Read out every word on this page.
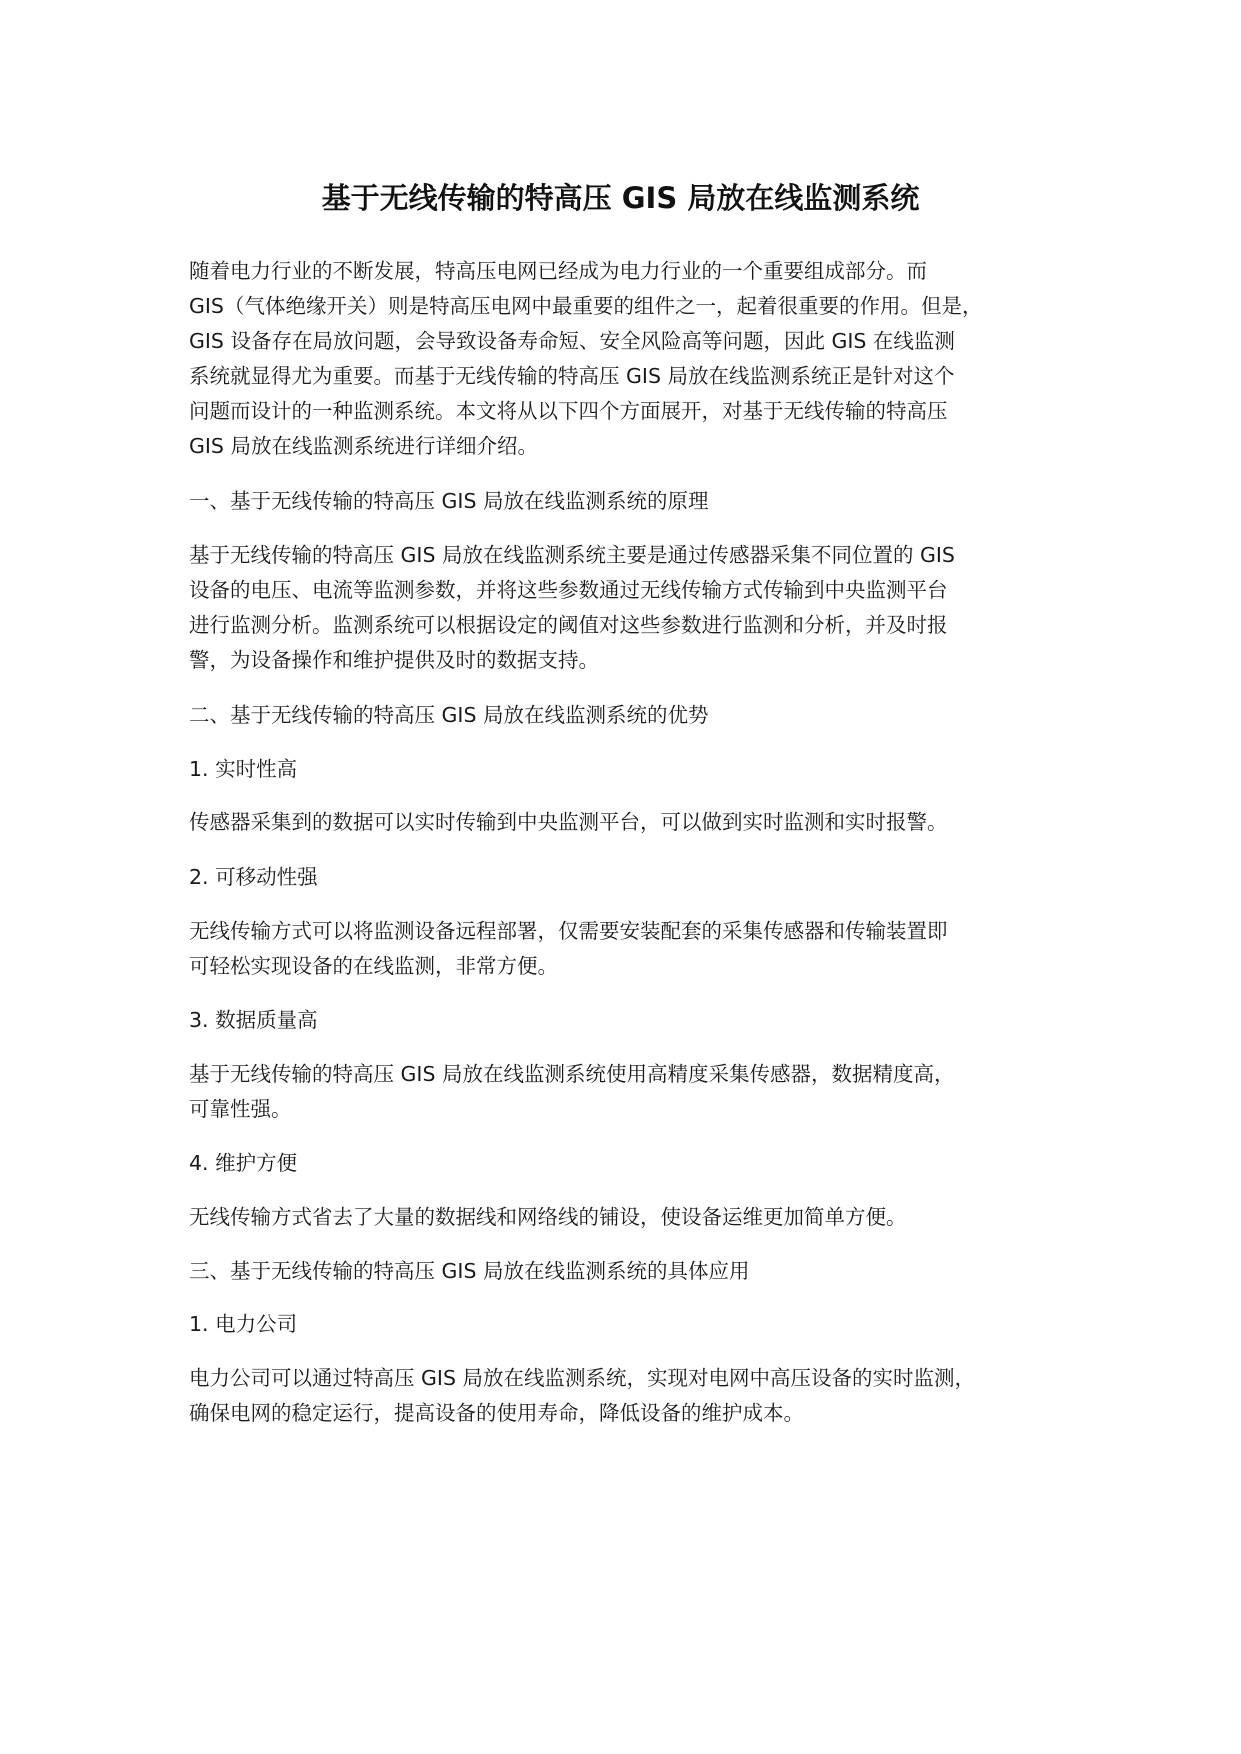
基于无线传输的特高压 GIS 局放在线监测系统

随着电力行业的不断发展，特高压电网已经成为电力行业的一个重要组成部分。而

GIS（气体绝缘开关）则是特高压电网中最重要的组件之一，起着很重要的作用。但是，

GIS 设备存在局放问题，会导致设备寿命短、安全风险高等问题，因此 GIS 在线监测

系统就显得尤为重要。而基于无线传输的特高压 GIS 局放在线监测系统正是针对这个

问题而设计的一种监测系统。本文将从以下四个方面展开，对基于无线传输的特高压

GIS 局放在线监测系统进行详细介绍。

一、基于无线传输的特高压 GIS 局放在线监测系统的原理

基于无线传输的特高压 GIS 局放在线监测系统主要是通过传感器采集不同位置的 GIS

设备的电压、电流等监测参数，并将这些参数通过无线传输方式传输到中央监测平台

进行监测分析。监测系统可以根据设定的阈值对这些参数进行监测和分析，并及时报

警，为设备操作和维护提供及时的数据支持。

二、基于无线传输的特高压 GIS 局放在线监测系统的优势

1. 实时性高

传感器采集到的数据可以实时传输到中央监测平台，可以做到实时监测和实时报警。

2. 可移动性强

无线传输方式可以将监测设备远程部署，仅需要安装配套的采集传感器和传输装置即

可轻松实现设备的在线监测，非常方便。

3. 数据质量高

基于无线传输的特高压 GIS 局放在线监测系统使用高精度采集传感器，数据精度高，

可靠性强。

4. 维护方便

无线传输方式省去了大量的数据线和网络线的铺设，使设备运维更加简单方便。

三、基于无线传输的特高压 GIS 局放在线监测系统的具体应用

1. 电力公司

电力公司可以通过特高压 GIS 局放在线监测系统，实现对电网中高压设备的实时监测，

确保电网的稳定运行，提高设备的使用寿命，降低设备的维护成本。
